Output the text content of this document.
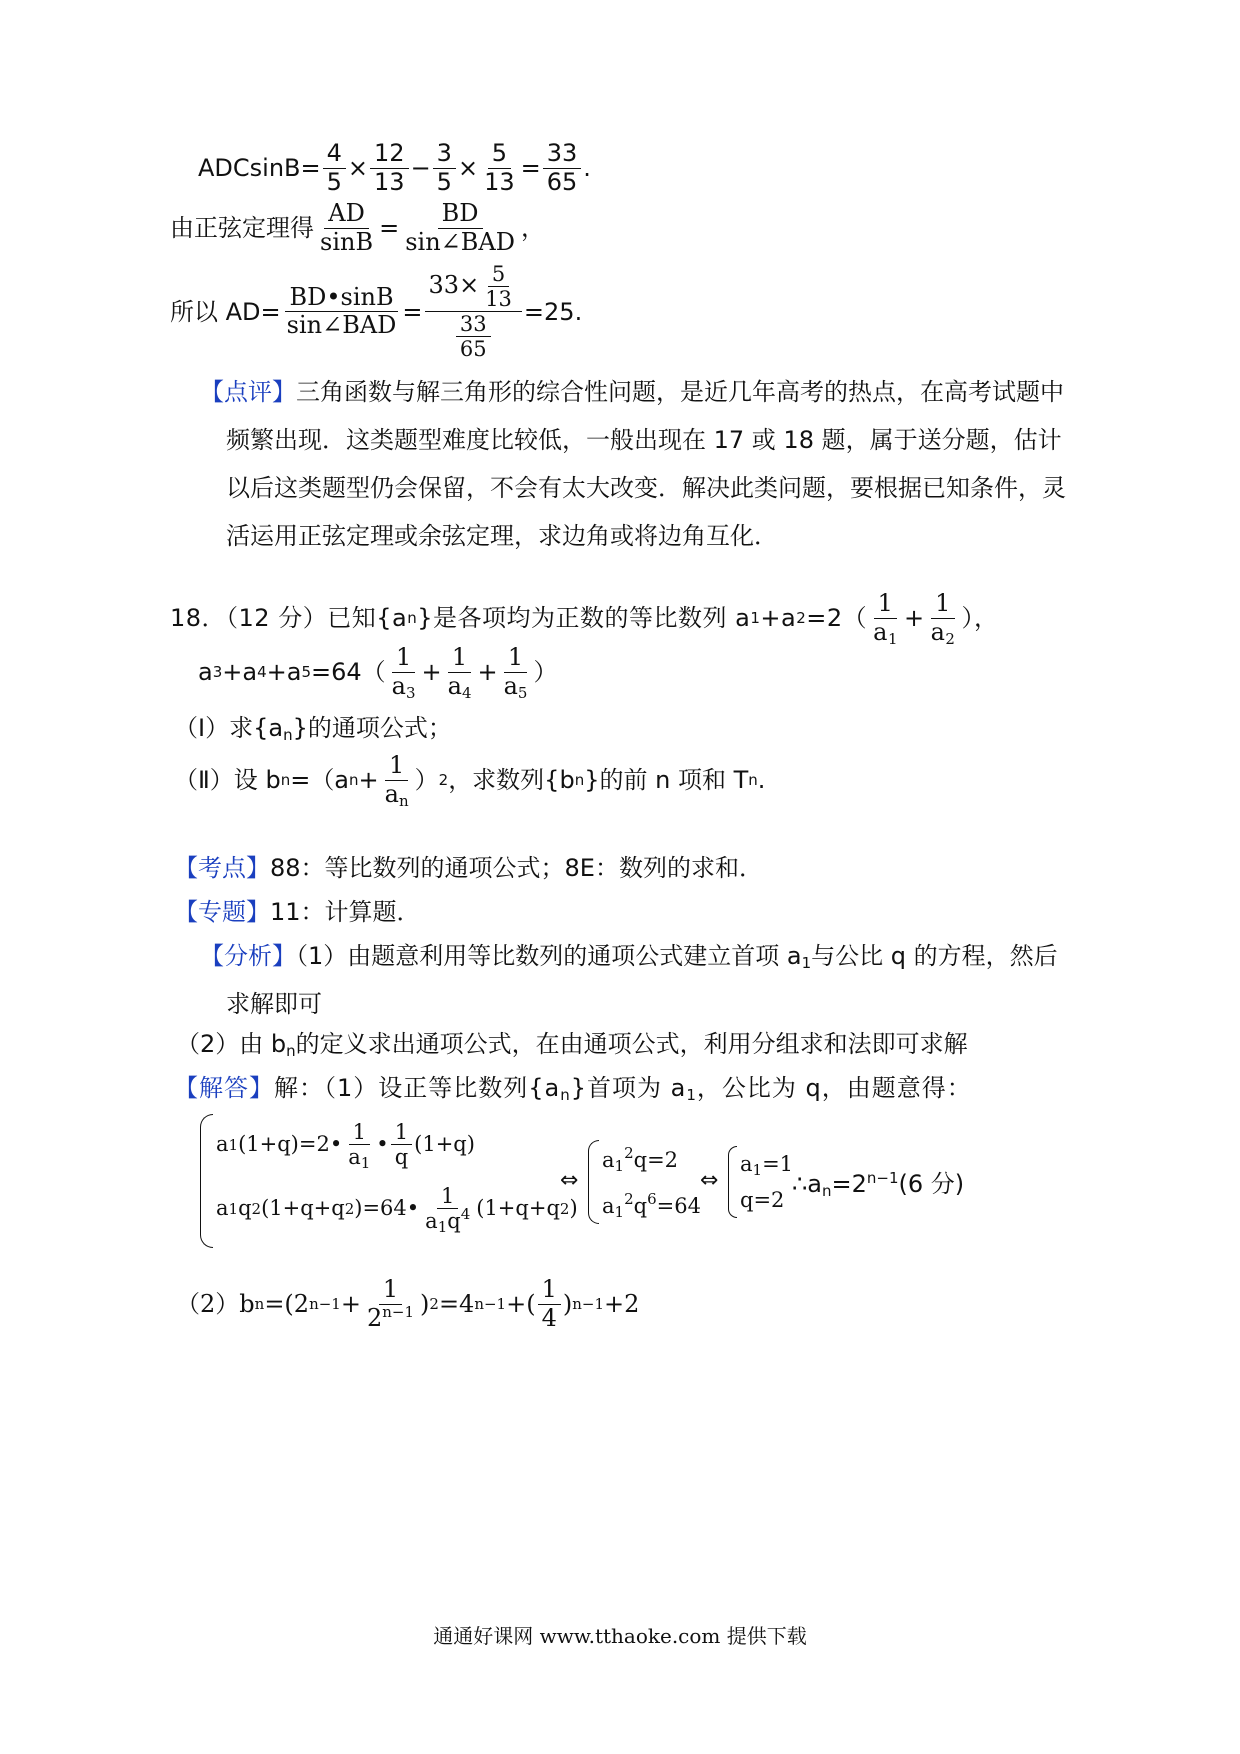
$ADCsinB= \frac{4}{5} \times \frac{12}{13} - \frac{3}{5} \times \frac{5}{13} = \frac{33}{65}$ .
由正弦定理得 $\frac{AD}{\sin B} = \frac{BD}{\text{sin∠BAD}}$ ，
所以 $AD= \frac{BD•\sin B}{\text{sin∠BAD}} = \frac{33\times \frac{5}{13}}{\frac{33}{65}} =25$.
【点评】三角函数与解三角形的综合性问题，是近几年高考的热点，在高考试题中频繁出现．这类题型难度比较低，一般出现在 17 或 18 题，属于送分题，估计以后这类题型仍会保留，不会有太大改变．解决此类问题，要根据已知条件，灵活运用正弦定理或余弦定理，求边角或将边角互化．
18．（12 分）已知{a n }是各项均为正数的等比数列 a 1 + a $2 =2( \frac{1}{a_1} + \frac{1}{a_2}$ ），
a 3 + a 4 + a $5 =64( \frac{1}{a_3} + \frac{1}{a_4} + \frac{1}{a_5}$ ）
（Ⅰ）求$\{a_n\}$的通项公式；
（Ⅱ）设 b n =（a $n + \frac{1}{a_n}$ ） 2 ，求数列{b n }的前 n 项和 T n .
【考点】88：等比数列的通项公式；8E：数列的求和．
【专题】11：计算题．
【分析】（1）由题意利用等比数列的通项公式建立首项 $a_1$与公比 q 的方程，然后求解即可
（2）由 $b_n$的定义求出通项公式，在由通项公式，利用分组求和法即可求解
【解答】解：（1）设正等比数列$\{a_n\}$首项为 $a_1$，公比为 q，由题意得：
a 1 (1+q)=2• $\frac{1}{a_1}$ • $\frac{1}{q} (1+q)$
a 1 q 2 (1+q+q 2 )=64• $\frac{1}{a_1q^4} (1+q+q$ 2 )
⇔
$a_1^2q=2$
$a_1^2q^6=64$
⇔
$a_1=1$
q=2
$\therefore a_n=2^{n-1}(6$ 分)
（2）b n =(2 $n-1 + \frac{1}{2^{n-1}}$ ) 2 =4 n−1 +( $\frac{1}{4}$ ) n−1 +2
通通好课网 www.tthaoke.com 提供下载
